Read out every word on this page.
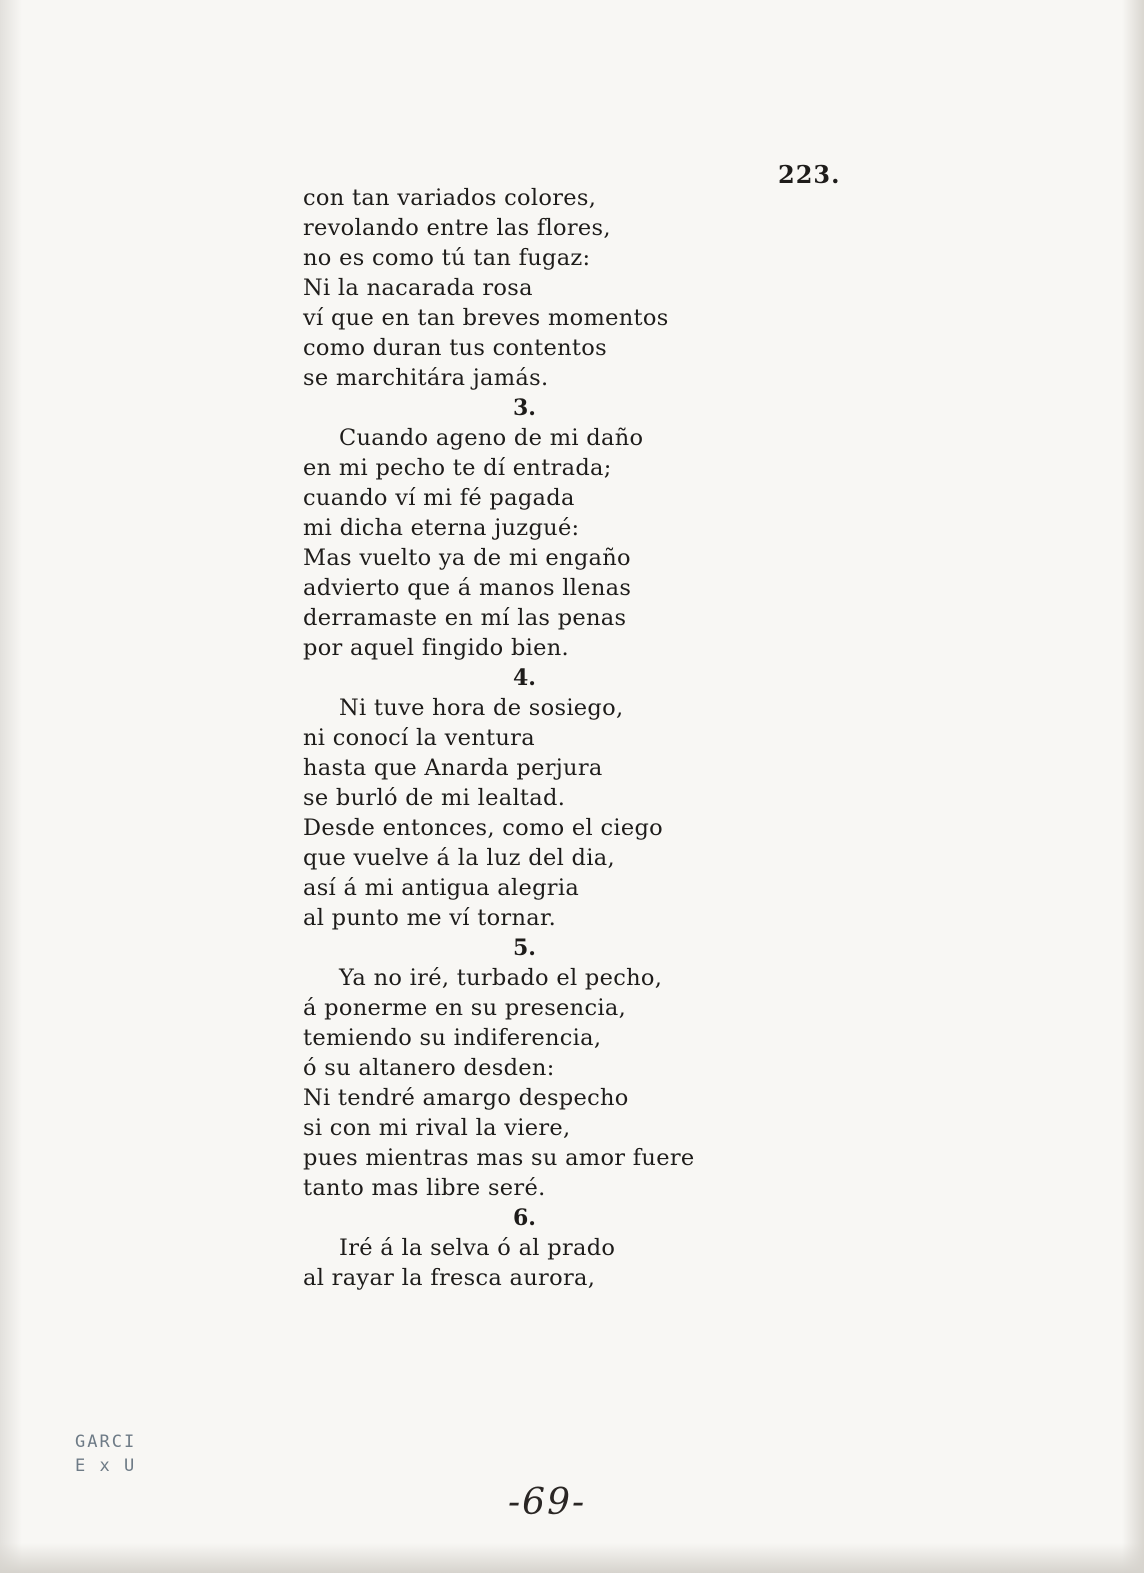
223.
con tan variados colores,
revolando entre las flores,
no es como tú tan fugaz:
Ni la nacarada rosa
ví que en tan breves momentos
como duran tus contentos
se marchitára jamás.
3.
Cuando ageno de mi daño
en mi pecho te dí entrada;
cuando ví mi fé pagada
mi dicha eterna juzgué:
Mas vuelto ya de mi engaño
advierto que á manos llenas
derramaste en mí las penas
por aquel fingido bien.
4.
Ni tuve hora de sosiego,
ni conocí la ventura
hasta que Anarda perjura
se burló de mi lealtad.
Desde entonces, como el ciego
que vuelve á la luz del dia,
así á mi antigua alegria
al punto me ví tornar.
5.
Ya no iré, turbado el pecho,
á ponerme en su presencia,
temiendo su indiferencia,
ó su altanero desden:
Ni tendré amargo despecho
si con mi rival la viere,
pues mientras mas su amor fuere
tanto mas libre seré.
6.
Iré á la selva ó al prado
al rayar la fresca aurora,
GARCI
E x U
-69-
